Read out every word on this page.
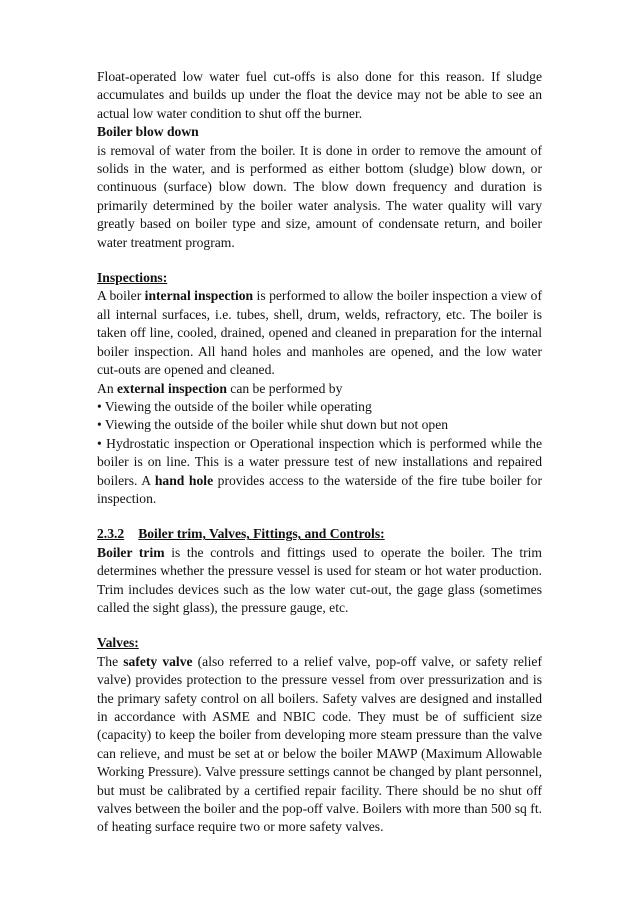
Float-operated low water fuel cut-offs is also done for this reason. If sludge accumulates and builds up under the float the device may not be able to see an actual low water condition to shut off the burner.

Boiler blow down

is removal of water from the boiler. It is done in order to remove the amount of solids in the water, and is performed as either bottom (sludge) blow down, or continuous (surface) blow down. The blow down frequency and duration is primarily determined by the boiler water analysis. The water quality will vary greatly based on boiler type and size, amount of condensate return, and boiler water treatment program.

Inspections:

A boiler internal inspection is performed to allow the boiler inspection a view of all internal surfaces, i.e. tubes, shell, drum, welds, refractory, etc. The boiler is taken off line, cooled, drained, opened and cleaned in preparation for the internal boiler inspection. All hand holes and manholes are opened, and the low water cut-outs are opened and cleaned.

An external inspection can be performed by

• Viewing the outside of the boiler while operating

• Viewing the outside of the boiler while shut down but not open

• Hydrostatic inspection or Operational inspection which is performed while the boiler is on line. This is a water pressure test of new installations and repaired boilers. A hand hole provides access to the waterside of the fire tube boiler for inspection.

2.3.2 Boiler trim, Valves, Fittings, and Controls:

Boiler trim is the controls and fittings used to operate the boiler. The trim determines whether the pressure vessel is used for steam or hot water production. Trim includes devices such as the low water cut-out, the gage glass (sometimes called the sight glass), the pressure gauge, etc.

Valves:

The safety valve (also referred to a relief valve, pop-off valve, or safety relief valve) provides protection to the pressure vessel from over pressurization and is the primary safety control on all boilers. Safety valves are designed and installed in accordance with ASME and NBIC code. They must be of sufficient size (capacity) to keep the boiler from developing more steam pressure than the valve can relieve, and must be set at or below the boiler MAWP (Maximum Allowable Working Pressure). Valve pressure settings cannot be changed by plant personnel, but must be calibrated by a certified repair facility. There should be no shut off valves between the boiler and the pop-off valve. Boilers with more than 500 sq ft. of heating surface require two or more safety valves.
